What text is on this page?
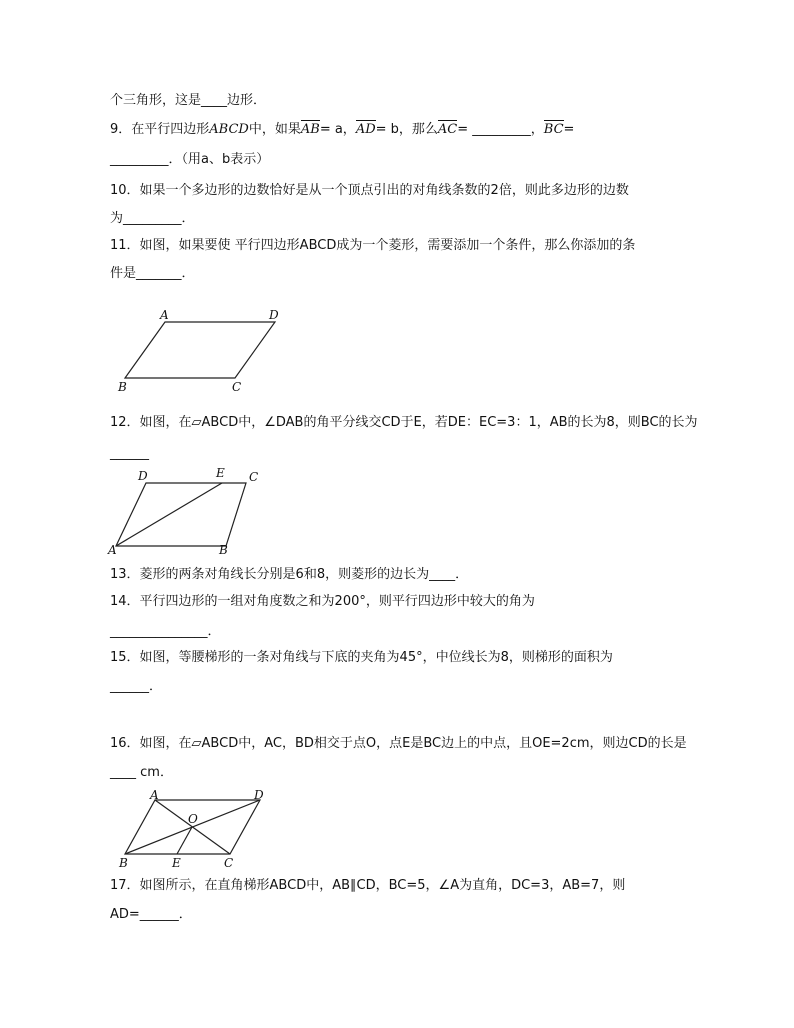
个三角形，这是____边形．
9．在平行四边形ABCD中，如果AB= a，AD= b，那么AC= _________，BC=
_________．（用a、b表示）
10．如果一个多边形的边数恰好是从一个顶点引出的对角线条数的2倍，则此多边形的边数
为_________．
11．如图，如果要使 平行四边形ABCD成为一个菱形，需要添加一个条件，那么你添加的条
件是_______．
A	D
B	C
12．如图，在▱ABCD中，∠DAB的角平分线交CD于E，若DE：EC=3：1，AB的长为8，则BC的长为
______
D	E C
A	B
13．菱形的两条对角线长分别是6和8，则菱形的边长为____．
14．平行四边形的一组对角度数之和为200°，则平行四边形中较大的角为
_______________．
15．如图，等腰梯形的一条对角线与下底的夹角为45°，中位线长为8，则梯形的面积为
______．
16．如图，在▱ABCD中，AC，BD相交于点O，点E是BC边上的中点，且OE=2cm，则边CD的长是
____ cm．
A	D
O
B	E	C
17．如图所示，在直角梯形ABCD中，AB∥CD，BC=5，∠A为直角，DC=3，AB=7，则
AD=______．
